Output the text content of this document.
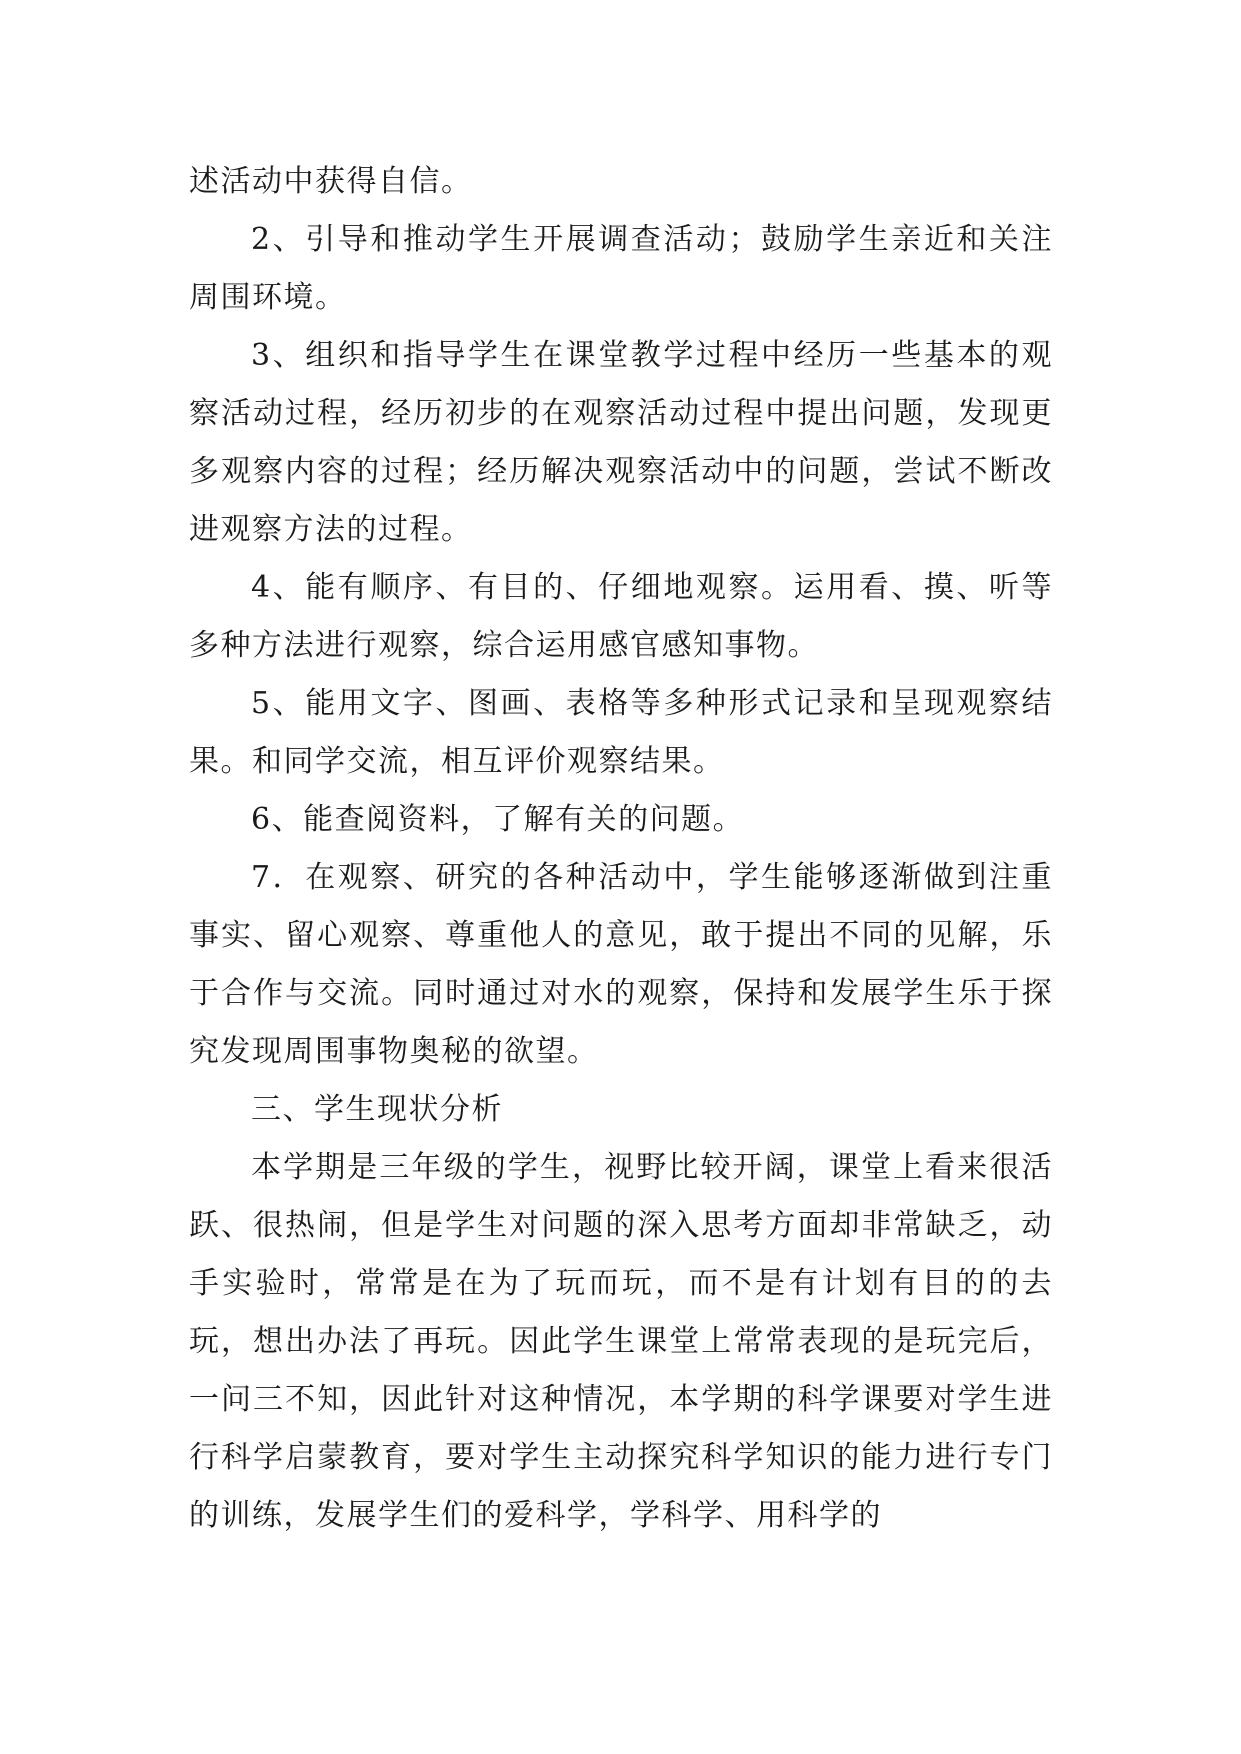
述活动中获得自信。

2、引导和推动学生开展调查活动；鼓励学生亲近和关注周围环境。

3、组织和指导学生在课堂教学过程中经历一些基本的观察活动过程，经历初步的在观察活动过程中提出问题，发现更多观察内容的过程；经历解决观察活动中的问题，尝试不断改进观察方法的过程。

4、能有顺序、有目的、仔细地观察。运用看、摸、听等多种方法进行观察，综合运用感官感知事物。

5、能用文字、图画、表格等多种形式记录和呈现观察结果。和同学交流，相互评价观察结果。

6、能查阅资料，了解有关的问题。

7．在观察、研究的各种活动中，学生能够逐渐做到注重事实、留心观察、尊重他人的意见，敢于提出不同的见解，乐于合作与交流。同时通过对水的观察，保持和发展学生乐于探究发现周围事物奥秘的欲望。

三、学生现状分析

本学期是三年级的学生，视野比较开阔，课堂上看来很活跃、很热闹，但是学生对问题的深入思考方面却非常缺乏，动手实验时，常常是在为了玩而玩，而不是有计划有目的的去玩，想出办法了再玩。因此学生课堂上常常表现的是玩完后，一问三不知，因此针对这种情况，本学期的科学课要对学生进行科学启蒙教育，要对学生主动探究科学知识的能力进行专门的训练，发展学生们的爱科学，学科学、用科学的
